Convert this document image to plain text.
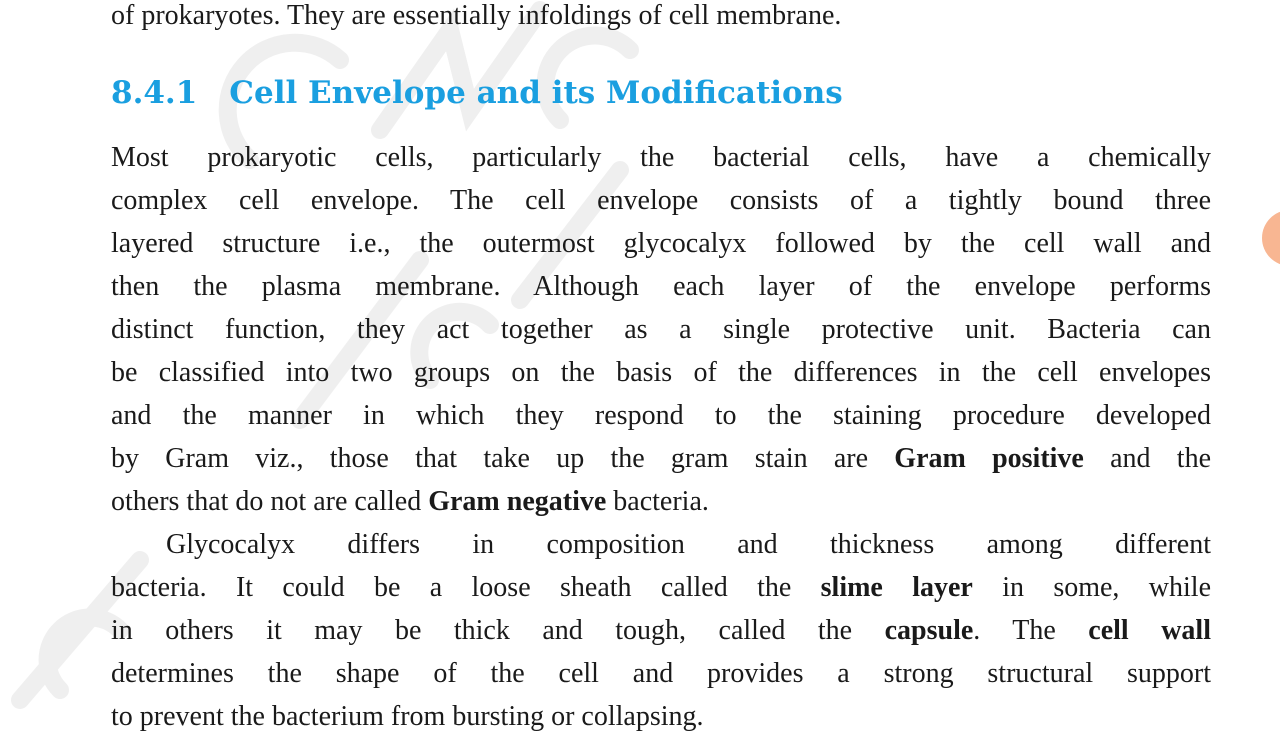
of prokaryotes. They are essentially infoldings of cell membrane.
8.4.1 Cell Envelope and its Modifications
Most prokaryotic cells, particularly the bacterial cells, have a chemically
complex cell envelope. The cell envelope consists of a tightly bound three
layered structure i.e., the outermost glycocalyx followed by the cell wall and
then the plasma membrane. Although each layer of the envelope performs
distinct function, they act together as a single protective unit. Bacteria can
be classified into two groups on the basis of the differences in the cell envelopes
and the manner in which they respond to the staining procedure developed
by Gram viz., those that take up the gram stain are Gram positive and the
others that do not are called Gram negative bacteria.
Glycocalyx differs in composition and thickness among different
bacteria. It could be a loose sheath called the slime layer in some, while
in others it may be thick and tough, called the capsule. The cell wall
determines the shape of the cell and provides a strong structural support
to prevent the bacterium from bursting or collapsing.
